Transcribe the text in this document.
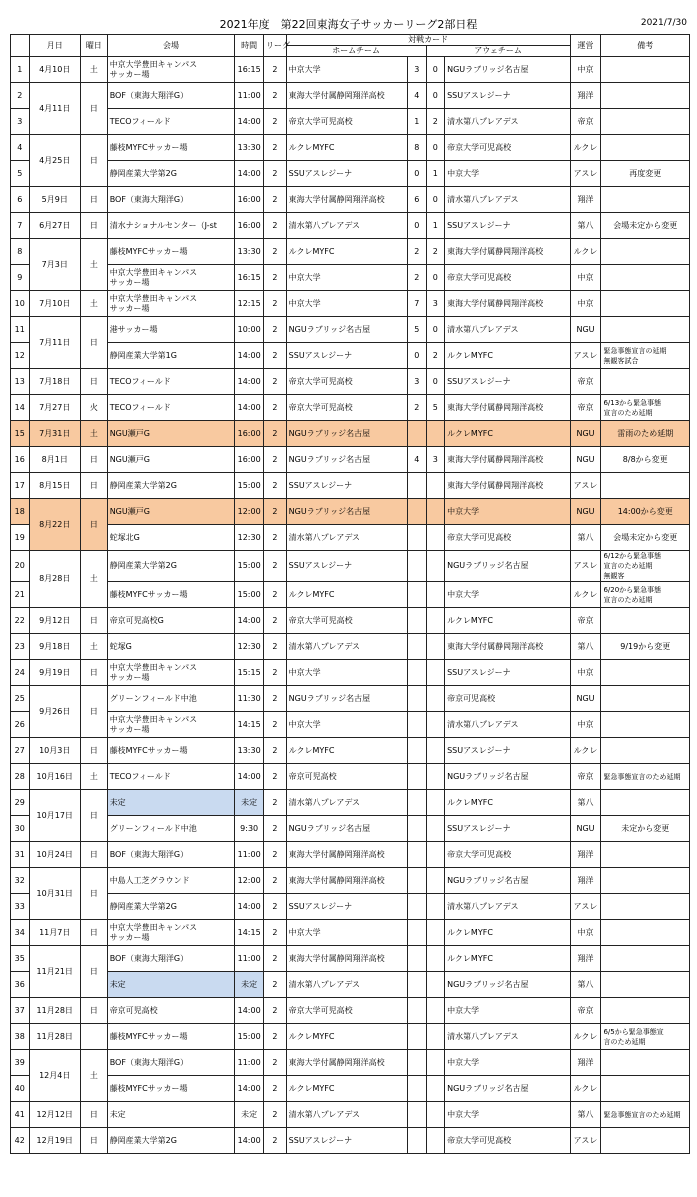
2021年度　第22回東海女子サッカーリーグ2部日程	2021/7/30
	月日	曜日	会場	時間	リーグ	対戦カード				運営	備考
						ホームチーム		アウェチーム			
1	4月10日	土	中京大学豊田キャンパス
サッカー場	16:15	2	中京大学	3	0	NGUラブリッジ名古屋	中京	
2	4月11日	日	BOF（東海大翔洋G）	11:00	2	東海大学付属静岡翔洋高校	4	0	SSUアスレジーナ	翔洋	
3			TECOフィールド	14:00	2	帝京大学可児高校	1	2	清水第八プレアデス	帝京	
4	4月25日	日	藤枝MYFCサッカー場	13:30	2	ルクレMYFC	8	0	帝京大学可児高校	ルクレ	
5			静岡産業大学第2G	14:00	2	SSUアスレジーナ	0	1	中京大学	アスレ	再度変更
6	5月9日	日	BOF（東海大翔洋G）	16:00	2	東海大学付属静岡翔洋高校	6	0	清水第八プレアデス	翔洋	
7	6月27日	日	清水ナショナルセンター（J-st	16:00	2	清水第八プレアデス	0	1	SSUアスレジーナ	第八	会場未定から変更
8	7月3日	土	藤枝MYFCサッカー場	13:30	2	ルクレMYFC	2	2	東海大学付属静岡翔洋高校	ルクレ	
9			中京大学豊田キャンパス
サッカー場	16:15	2	中京大学	2	0	帝京大学可児高校	中京	
10	7月10日	土	中京大学豊田キャンパス
サッカー場	12:15	2	中京大学	7	3	東海大学付属静岡翔洋高校	中京	
11	7月11日	日	港サッカー場	10:00	2	NGUラブリッジ名古屋	5	0	清水第八プレアデス	NGU	
12			静岡産業大学第1G	14:00	2	SSUアスレジーナ	0	2	ルクレMYFC	アスレ	緊急事態宣言の延期
無観客試合
13	7月18日	日	TECOフィールド	14:00	2	帝京大学可児高校	3	0	SSUアスレジーナ	帝京	
14	7月27日	火	TECOフィールド	14:00	2	帝京大学可児高校	2	5	東海大学付属静岡翔洋高校	帝京	6/13から緊急事態
宣言のため延期
15	7月31日	土	NGU瀬戸G	16:00	2	NGUラブリッジ名古屋			ルクレMYFC	NGU	雷雨のため延期
16	8月1日	日	NGU瀬戸G	16:00	2	NGUラブリッジ名古屋	4	3	東海大学付属静岡翔洋高校	NGU	8/8から変更
17	8月15日	日	静岡産業大学第2G	15:00	2	SSUアスレジーナ			東海大学付属静岡翔洋高校	アスレ	
18	8月22日	日	NGU瀬戸G	12:00	2	NGUラブリッジ名古屋			中京大学	NGU	14:00から変更
19			蛇塚北G	12:30	2	清水第八プレアデス			帝京大学可児高校	第八	会場未定から変更
20	8月28日	土	静岡産業大学第2G	15:00	2	SSUアスレジーナ			NGUラブリッジ名古屋	アスレ	6/12から緊急事態
宣言のため延期
無観客
21			藤枝MYFCサッカー場	15:00	2	ルクレMYFC			中京大学	ルクレ	6/20から緊急事態
宣言のため延期
22	9月12日	日	帝京可児高校G	14:00	2	帝京大学可児高校			ルクレMYFC	帝京	
23	9月18日	土	蛇塚G	12:30	2	清水第八プレアデス			東海大学付属静岡翔洋高校	第八	9/19から変更
24	9月19日	日	中京大学豊田キャンパス
サッカー場	15:15	2	中京大学			SSUアスレジーナ	中京	
25	9月26日	日	グリーンフィールド中池	11:30	2	NGUラブリッジ名古屋			帝京可児高校	NGU	
26			中京大学豊田キャンパス
サッカー場	14:15	2	中京大学			清水第八プレアデス	中京	
27	10月3日	日	藤枝MYFCサッカー場	13:30	2	ルクレMYFC			SSUアスレジーナ	ルクレ	
28	10月16日	土	TECOフィールド	14:00	2	帝京可児高校			NGUラブリッジ名古屋	帝京	緊急事態宣言のため延期
29	10月17日	日	未定	未定	2	清水第八プレアデス			ルクレMYFC	第八	
30			グリーンフィールド中池	9:30	2	NGUラブリッジ名古屋			SSUアスレジーナ	NGU	未定から変更
31	10月24日	日	BOF（東海大翔洋G）	11:00	2	東海大学付属静岡翔洋高校			帝京大学可児高校	翔洋	
32	10月31日	日	中島人工芝グラウンド	12:00	2	東海大学付属静岡翔洋高校			NGUラブリッジ名古屋	翔洋	
33			静岡産業大学第2G	14:00	2	SSUアスレジーナ			清水第八プレアデス	アスレ	
34	11月7日	日	中京大学豊田キャンパス
サッカー場	14:15	2	中京大学			ルクレMYFC	中京	
35	11月21日	日	BOF（東海大翔洋G）	11:00	2	東海大学付属静岡翔洋高校			ルクレMYFC	翔洋	
36			未定	未定	2	清水第八プレアデス			NGUラブリッジ名古屋	第八	
37	11月28日	日	帝京可児高校	14:00	2	帝京大学可児高校			中京大学	帝京	
38	11月28日		藤枝MYFCサッカー場	15:00	2	ルクレMYFC			清水第八プレアデス	ルクレ	6/5から緊急事態宣
言のため延期
39	12月4日	土	BOF（東海大翔洋G）	11:00	2	東海大学付属静岡翔洋高校			中京大学	翔洋	
40			藤枝MYFCサッカー場	14:00	2	ルクレMYFC			NGUラブリッジ名古屋	ルクレ	
41	12月12日	日	未定	未定	2	清水第八プレアデス			中京大学	第八	緊急事態宣言のため延期
42	12月19日	日	静岡産業大学第2G	14:00	2	SSUアスレジーナ			帝京大学可児高校	アスレ	
